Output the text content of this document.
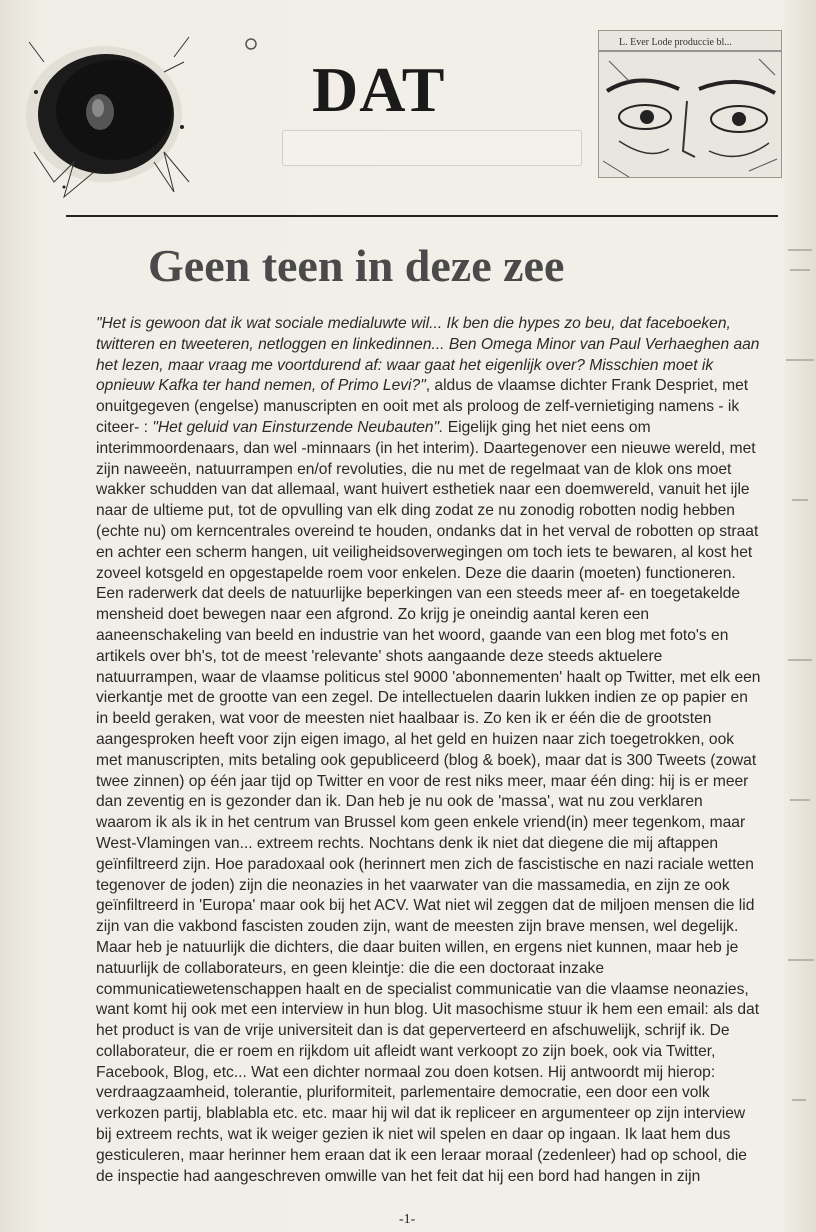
DAT
L. Ever Lode produccie bl...
Geen teen in deze zee
"Het is gewoon dat ik wat sociale medialuwte wil... Ik ben die hypes zo beu, dat faceboeken, twitteren en tweeteren, netloggen en linkedinnen... Ben Omega Minor van Paul Verhaeghen aan het lezen, maar vraag me voortdurend af: waar gaat het eigenlijk over? Misschien moet ik opnieuw Kafka ter hand nemen, of Primo Levi?", aldus de vlaamse dichter Frank Despriet, met onuitgegeven (engelse) manuscripten en ooit met als proloog de zelf-vernietiging namens - ik citeer- : "Het geluid van Einsturzende Neubauten". Eigelijk ging het niet eens om interimmoordenaars, dan wel -minnaars (in het interim). Daartegenover een nieuwe wereld, met zijn naweeën, natuurrampen en/of revoluties, die nu met de regelmaat van de klok ons moet wakker schudden van dat allemaal, want huivert esthetiek naar een doemwereld, vanuit het ijle naar de ultieme put, tot de opvulling van elk ding zodat ze nu zonodig robotten nodig hebben (echte nu) om kerncentrales overeind te houden, ondanks dat in het verval de robotten op straat en achter een scherm hangen, uit veiligheidsoverwegingen om toch iets te bewaren, al kost het zoveel kotsgeld en opgestapelde roem voor enkelen. Deze die daarin (moeten) functioneren. Een raderwerk dat deels de natuurlijke beperkingen van een steeds meer af- en toegetakelde mensheid doet bewegen naar een afgrond. Zo krijg je oneindig aantal keren een aaneenschakeling van beeld en industrie van het woord, gaande van een blog met foto's en artikels over bh's, tot de meest 'relevante' shots aangaande deze steeds aktuelere natuurrampen, waar de vlaamse politicus stel 9000 'abonnementen' haalt op Twitter, met elk een vierkantje met de grootte van een zegel. De intellectuelen daarin lukken indien ze op papier en in beeld geraken, wat voor de meesten niet haalbaar is. Zo ken ik er één die de grootsten aangesproken heeft voor zijn eigen imago, al het geld en huizen naar zich toegetrokken, ook met manuscripten, mits betaling ook gepubliceerd (blog & boek), maar dat is 300 Tweets (zowat twee zinnen) op één jaar tijd op Twitter en voor de rest niks meer, maar één ding: hij is er meer dan zeventig en is gezonder dan ik. Dan heb je nu ook de 'massa', wat nu zou verklaren waarom ik als ik in het centrum van Brussel kom geen enkele vriend(in) meer tegenkom, maar West-Vlamingen van... extreem rechts. Nochtans denk ik niet dat diegene die mij aftappen geïnfiltreerd zijn. Hoe paradoxaal ook (herinnert men zich de fascistische en nazi raciale wetten tegenover de joden) zijn die neonazies in het vaarwater van die massamedia, en zijn ze ook geïnfiltreerd in 'Europa' maar ook bij het ACV. Wat niet wil zeggen dat de miljoen mensen die lid zijn van die vakbond fascisten zouden zijn, want de meesten zijn brave mensen, wel degelijk. Maar heb je natuurlijk die dichters, die daar buiten willen, en ergens niet kunnen, maar heb je natuurlijk de collaborateurs, en geen kleintje: die die een doctoraat inzake communicatiewetenschappen haalt en de specialist communicatie van die vlaamse neonazies, want komt hij ook met een interview in hun blog. Uit masochisme stuur ik hem een email: als dat het product is van de vrije universiteit dan is dat geperverteerd en afschuwelijk, schrijf ik. De collaborateur, die er roem en rijkdom uit afleidt want verkoopt zo zijn boek, ook via Twitter, Facebook, Blog, etc... Wat een dichter normaal zou doen kotsen. Hij antwoordt mij hierop: verdraagzaamheid, tolerantie, pluriformiteit, parlementaire democratie, een door een volk verkozen partij, blablabla etc. etc. maar hij wil dat ik repliceer en argumenteer op zijn interview bij extreem rechts, wat ik weiger gezien ik niet wil spelen en daar op ingaan. Ik laat hem dus gesticuleren, maar herinner hem eraan dat ik een leraar moraal (zedenleer) had op school, die de inspectie had aangeschreven omwille van het feit dat hij een bord had hangen in zijn
-1-
